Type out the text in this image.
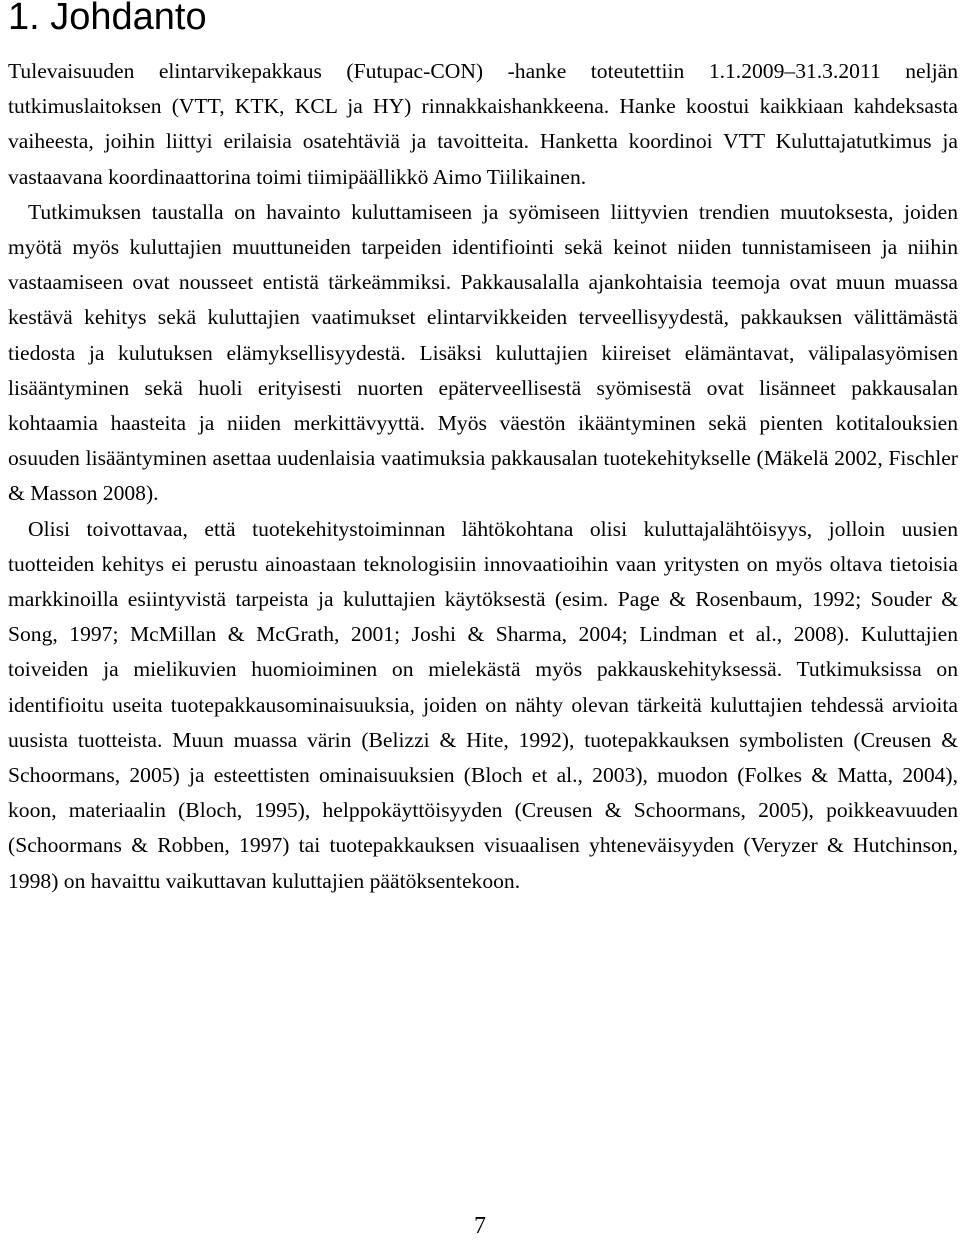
1. Johdanto

Tulevaisuuden elintarvikepakkaus (Futupac-CON) -hanke toteutettiin 1.1.2009–31.3.2011 neljän tutkimuslaitoksen (VTT, KTK, KCL ja HY) rinnakkaishankkeena. Hanke koostui kaikkiaan kahdeksasta vaiheesta, joihin liittyi erilaisia osatehtäviä ja tavoitteita. Hanketta koordinoi VTT Kuluttajatutkimus ja vastaavana koordinaattorina toimi tiimipäällikkö Aimo Tiilikainen.

Tutkimuksen taustalla on havainto kuluttamiseen ja syömiseen liittyvien trendien muutoksesta, joiden myötä myös kuluttajien muuttuneiden tarpeiden identifiointi sekä keinot niiden tunnistamiseen ja niihin vastaamiseen ovat nousseet entistä tärkeämmiksi. Pakkausalalla ajankohtaisia teemoja ovat muun muassa kestävä kehitys sekä kuluttajien vaatimukset elintarvikkeiden terveellisyydestä, pakkauksen välittämästä tiedosta ja kulutuksen elämyksellisyydestä. Lisäksi kuluttajien kiireiset elämäntavat, välipalasyömisen lisääntyminen sekä huoli erityisesti nuorten epäterveellisestä syömisestä ovat lisänneet pakkausalan kohtaamia haasteita ja niiden merkittävyyttä. Myös väestön ikääntyminen sekä pienten kotitalouksien osuuden lisääntyminen asettaa uudenlaisia vaatimuksia pakkausalan tuotekehitykselle (Mäkelä 2002, Fischler & Masson 2008).

Olisi toivottavaa, että tuotekehitystoiminnan lähtökohtana olisi kuluttajalähtöisyys, jolloin uusien tuotteiden kehitys ei perustu ainoastaan teknologisiin innovaatioihin vaan yritysten on myös oltava tietoisia markkinoilla esiintyvistä tarpeista ja kuluttajien käytöksestä (esim. Page & Rosenbaum, 1992; Souder & Song, 1997; McMillan & McGrath, 2001; Joshi & Sharma, 2004; Lindman et al., 2008). Kuluttajien toiveiden ja mielikuvien huomioiminen on mielekästä myös pakkauskehityksessä. Tutkimuksissa on identifioitu useita tuotepakkausominaisuuksia, joiden on nähty olevan tärkeitä kuluttajien tehdessä arvioita uusista tuotteista. Muun muassa värin (Belizzi & Hite, 1992), tuotepakkauksen symbolisten (Creusen & Schoormans, 2005) ja esteettisten ominaisuuksien (Bloch et al., 2003), muodon (Folkes & Matta, 2004), koon, materiaalin (Bloch, 1995), helppokäyttöisyyden (Creusen & Schoormans, 2005), poikkeavuuden (Schoormans & Robben, 1997) tai tuotepakkauksen visuaalisen yhteneväisyyden (Veryzer & Hutchinson, 1998) on havaittu vaikuttavan kuluttajien päätöksentekoon.

7
